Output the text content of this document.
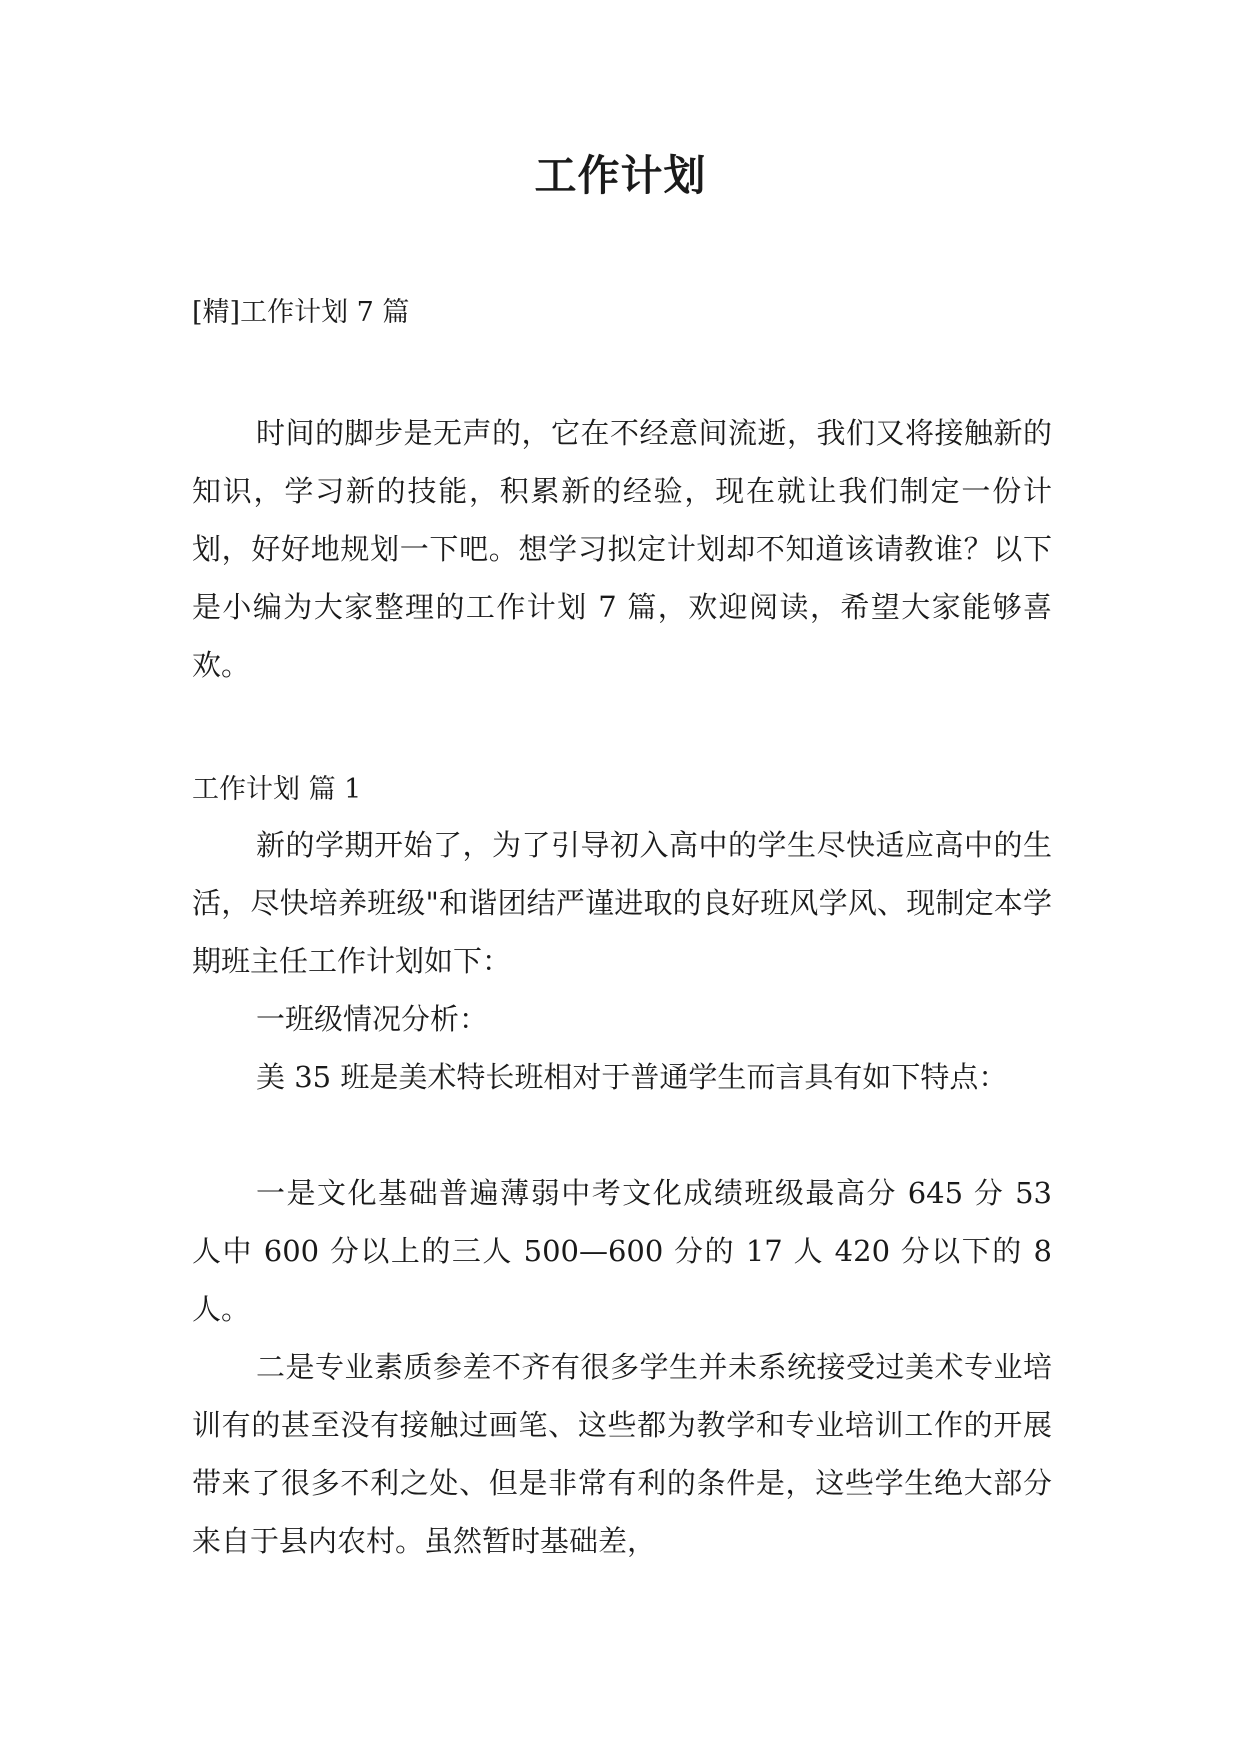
工作计划

[精]工作计划 7 篇

时间的脚步是无声的，它在不经意间流逝，我们又将接触新的知识，学习新的技能，积累新的经验，现在就让我们制定一份计划，好好地规划一下吧。想学习拟定计划却不知道该请教谁？以下是小编为大家整理的工作计划 7 篇，欢迎阅读，希望大家能够喜欢。

工作计划 篇 1

新的学期开始了，为了引导初入高中的学生尽快适应高中的生活，尽快培养班级"和谐团结严谨进取的良好班风学风、现制定本学期班主任工作计划如下：

一班级情况分析：

美 35 班是美术特长班相对于普通学生而言具有如下特点：

一是文化基础普遍薄弱中考文化成绩班级最高分 645 分 53 人中 600 分以上的三人 500—600 分的 17 人 420 分以下的 8 人。

二是专业素质参差不齐有很多学生并未系统接受过美术专业培训有的甚至没有接触过画笔、这些都为教学和专业培训工作的开展带来了很多不利之处、但是非常有利的条件是，这些学生绝大部分来自于县内农村。虽然暂时基础差，
